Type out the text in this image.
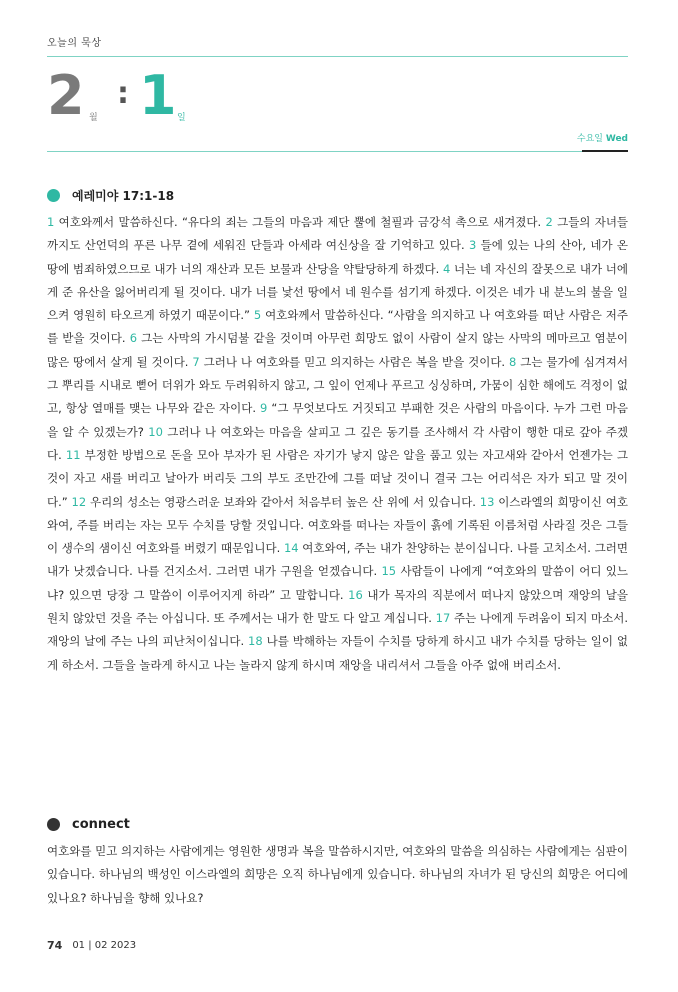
오늘의 묵상
2 월
: 1 일
수요일 Wed
예레미야 17:1-18

1 여호와께서 말씀하신다. “유다의 죄는 그들의 마음과 제단 뿔에 철필과 금강석 촉으로 새겨졌다. 2 그들의 자녀들까지도 산언덕의 푸른 나무 곁에 세워진 단들과 아세라 여신상을 잘 기억하고 있다. 3 들에 있는 나의 산아, 네가 온 땅에 범죄하였으므로 내가 너의 재산과 모든 보물과 산당을 약탈당하게 하겠다. 4 너는 네 자신의 잘못으로 내가 너에게 준 유산을 잃어버리게 될 것이다. 내가 너를 낯선 땅에서 네 원수를 섬기게 하겠다. 이것은 네가 내 분노의 불을 일으켜 영원히 타오르게 하였기 때문이다.” 5 여호와께서 말씀하신다. “사람을 의지하고 나 여호와를 떠난 사람은 저주를 받을 것이다. 6 그는 사막의 가시덤불 같을 것이며 아무런 희망도 없이 사람이 살지 않는 사막의 메마르고 염분이 많은 땅에서 살게 될 것이다. 7 그러나 나 여호와를 믿고 의지하는 사람은 복을 받을 것이다. 8 그는 물가에 심겨져서 그 뿌리를 시내로 뻗어 더위가 와도 두려워하지 않고, 그 잎이 언제나 푸르고 싱싱하며, 가뭄이 심한 해에도 걱정이 없고, 항상 열매를 맺는 나무와 같은 자이다. 9 “그 무엇보다도 거짓되고 부패한 것은 사람의 마음이다. 누가 그런 마음을 알 수 있겠는가? 10 그러나 나 여호와는 마음을 살피고 그 깊은 동기를 조사해서 각 사람이 행한 대로 갚아 주겠다. 11 부정한 방법으로 돈을 모아 부자가 된 사람은 자기가 낳지 않은 알을 품고 있는 자고새와 같아서 언젠가는 그것이 자고 새를 버리고 날아가 버리듯 그의 부도 조만간에 그를 떠날 것이니 결국 그는 어리석은 자가 되고 말 것이다.” 12 우리의 성소는 영광스러운 보좌와 같아서 처음부터 높은 산 위에 서 있습니다. 13 이스라엘의 희망이신 여호와여, 주를 버리는 자는 모두 수치를 당할 것입니다. 여호와를 떠나는 자들이 흙에 기록된 이름처럼 사라질 것은 그들이 생수의 샘이신 여호와를 버렸기 때문입니다. 14 여호와여, 주는 내가 찬양하는 분이십니다. 나를 고치소서. 그러면 내가 낫겠습니다. 나를 건지소서. 그러면 내가 구원을 얻겠습니다. 15 사람들이 나에게 “여호와의 말씀이 어디 있느냐? 있으면 당장 그 말씀이 이루어지게 하라” 고 말합니다. 16 내가 목자의 직분에서 떠나지 않았으며 재앙의 날을 원치 않았던 것을 주는 아십니다. 또 주께서는 내가 한 말도 다 알고 계십니다. 17 주는 나에게 두려움이 되지 마소서. 재앙의 날에 주는 나의 피난처이십니다. 18 나를 박해하는 자들이 수치를 당하게 하시고 내가 수치를 당하는 일이 없게 하소서. 그들을 놀라게 하시고 나는 놀라지 않게 하시며 재앙을 내리셔서 그들을 아주 없애 버리소서.

connect

여호와를 믿고 의지하는 사람에게는 영원한 생명과 복을 말씀하시지만, 여호와의 말씀을 의심하는 사람에게는 심판이 있습니다. 하나님의 백성인 이스라엘의 희망은 오직 하나님에게 있습니다. 하나님의 자녀가 된 당신의 희망은 어디에 있나요? 하나님을 향해 있나요?

74 01 | 02 2023
